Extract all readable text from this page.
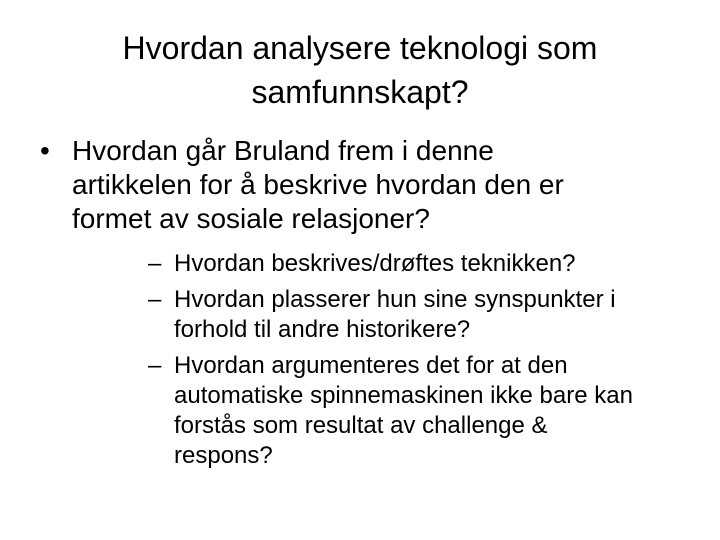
Hvordan analysere teknologi som
samfunnskapt?
• Hvordan går Bruland frem i denne
artikkelen for å beskrive hvordan den er
formet av sosiale relasjoner?
– Hvordan beskrives/drøftes teknikken?
– Hvordan plasserer hun sine synspunkter i
forhold til andre historikere?
– Hvordan argumenteres det for at den
automatiske spinnemaskinen ikke bare kan
forstås som resultat av challenge & respons?
